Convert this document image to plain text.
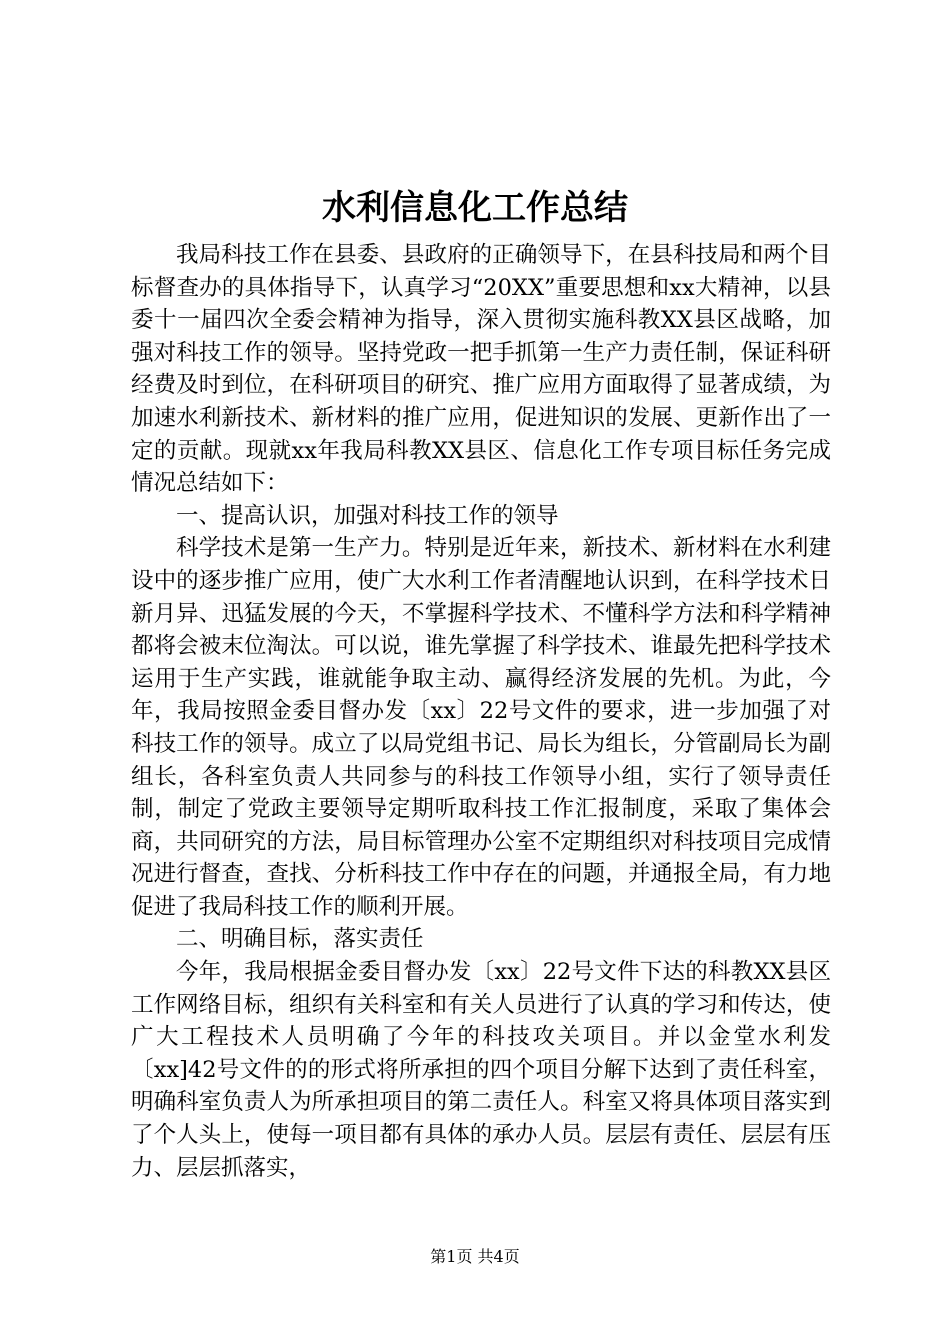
水利信息化工作总结

我局科技工作在县委、县政府的正确领导下，在县科技局和两个目标督查办的具体指导下，认真学习“20XX”重要思想和xx大精神，以县委十一届四次全委会精神为指导，深入贯彻实施科教XX县区战略，加强对科技工作的领导。坚持党政一把手抓第一生产力责任制，保证科研经费及时到位，在科研项目的研究、推广应用方面取得了显著成绩，为加速水利新技术、新材料的推广应用，促进知识的发展、更新作出了一定的贡献。现就xx年我局科教XX县区、信息化工作专项目标任务完成情况总结如下：

一、提高认识，加强对科技工作的领导

科学技术是第一生产力。特别是近年来，新技术、新材料在水利建设中的逐步推广应用，使广大水利工作者清醒地认识到，在科学技术日新月异、迅猛发展的今天，不掌握科学技术、不懂科学方法和科学精神都将会被末位淘汰。可以说，谁先掌握了科学技术、谁最先把科学技术运用于生产实践，谁就能争取主动、赢得经济发展的先机。为此，今年，我局按照金委目督办发〔xx〕22号文件的要求，进一步加强了对科技工作的领导。成立了以局党组书记、局长为组长，分管副局长为副组长，各科室负责人共同参与的科技工作领导小组，实行了领导责任制，制定了党政主要领导定期听取科技工作汇报制度，采取了集体会商，共同研究的方法，局目标管理办公室不定期组织对科技项目完成情况进行督查，查找、分析科技工作中存在的问题，并通报全局，有力地促进了我局科技工作的顺利开展。

二、明确目标，落实责任

今年，我局根据金委目督办发〔xx〕22号文件下达的科教XX县区工作网络目标，组织有关科室和有关人员进行了认真的学习和传达，使广大工程技术人员明确了今年的科技攻关项目。并以金堂水利发〔xx]42号文件的的形式将所承担的四个项目分解下达到了责任科室，明确科室负责人为所承担项目的第二责任人。科室又将具体项目落实到了个人头上，使每一项目都有具体的承办人员。层层有责任、层层有压力、层层抓落实，

第1页 共4页
